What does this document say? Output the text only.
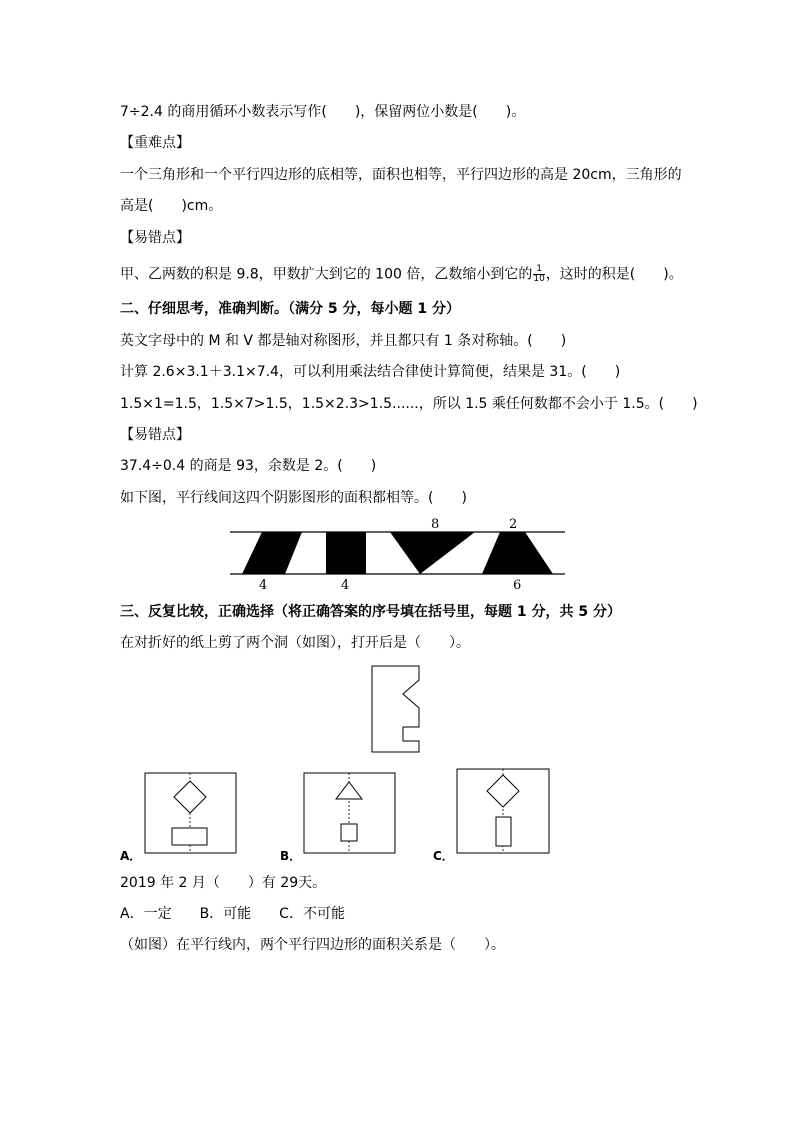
7÷2.4 的商用循环小数表示写作(　　)，保留两位小数是(　　)。
【重难点】
一个三角形和一个平行四边形的底相等，面积也相等，平行四边形的高是 20cm，三角形的
高是(　　)cm。
【易错点】
甲、乙两数的积是 9.8，甲数扩大到它的 100 倍，乙数缩小到它的 $\frac{1}{10}$ ，这时的积是(　　)。
二、仔细思考，准确判断。（满分 5 分，每小题 1 分）
英文字母中的 M 和 V 都是轴对称图形，并且都只有 1 条对称轴。(　　)
计算 2.6×3.1＋3.1×7.4，可以利用乘法结合律使计算简便，结果是 31。(　　)
1.5×1=1.5，1.5×7>1.5，1.5×2.3>1.5......，所以 1.5 乘任何数都不会小于 1.5。(　　)
【易错点】
37.4÷0.4 的商是 93，余数是 2。(　　)
如下图，平行线间这四个阴影图形的面积都相等。(　　)
8	2
4	4	6
三、反复比较，正确选择（将正确答案的序号填在括号里，每题 1 分，共 5 分）
在对折好的纸上剪了两个洞（如图），打开后是（　　）。
A．	B．	C．
2019 年 2 月（　　）有 29天。
A．一定　　B．可能　　C．不可能
（如图）在平行线内，两个平行四边形的面积关系是（　　）。
